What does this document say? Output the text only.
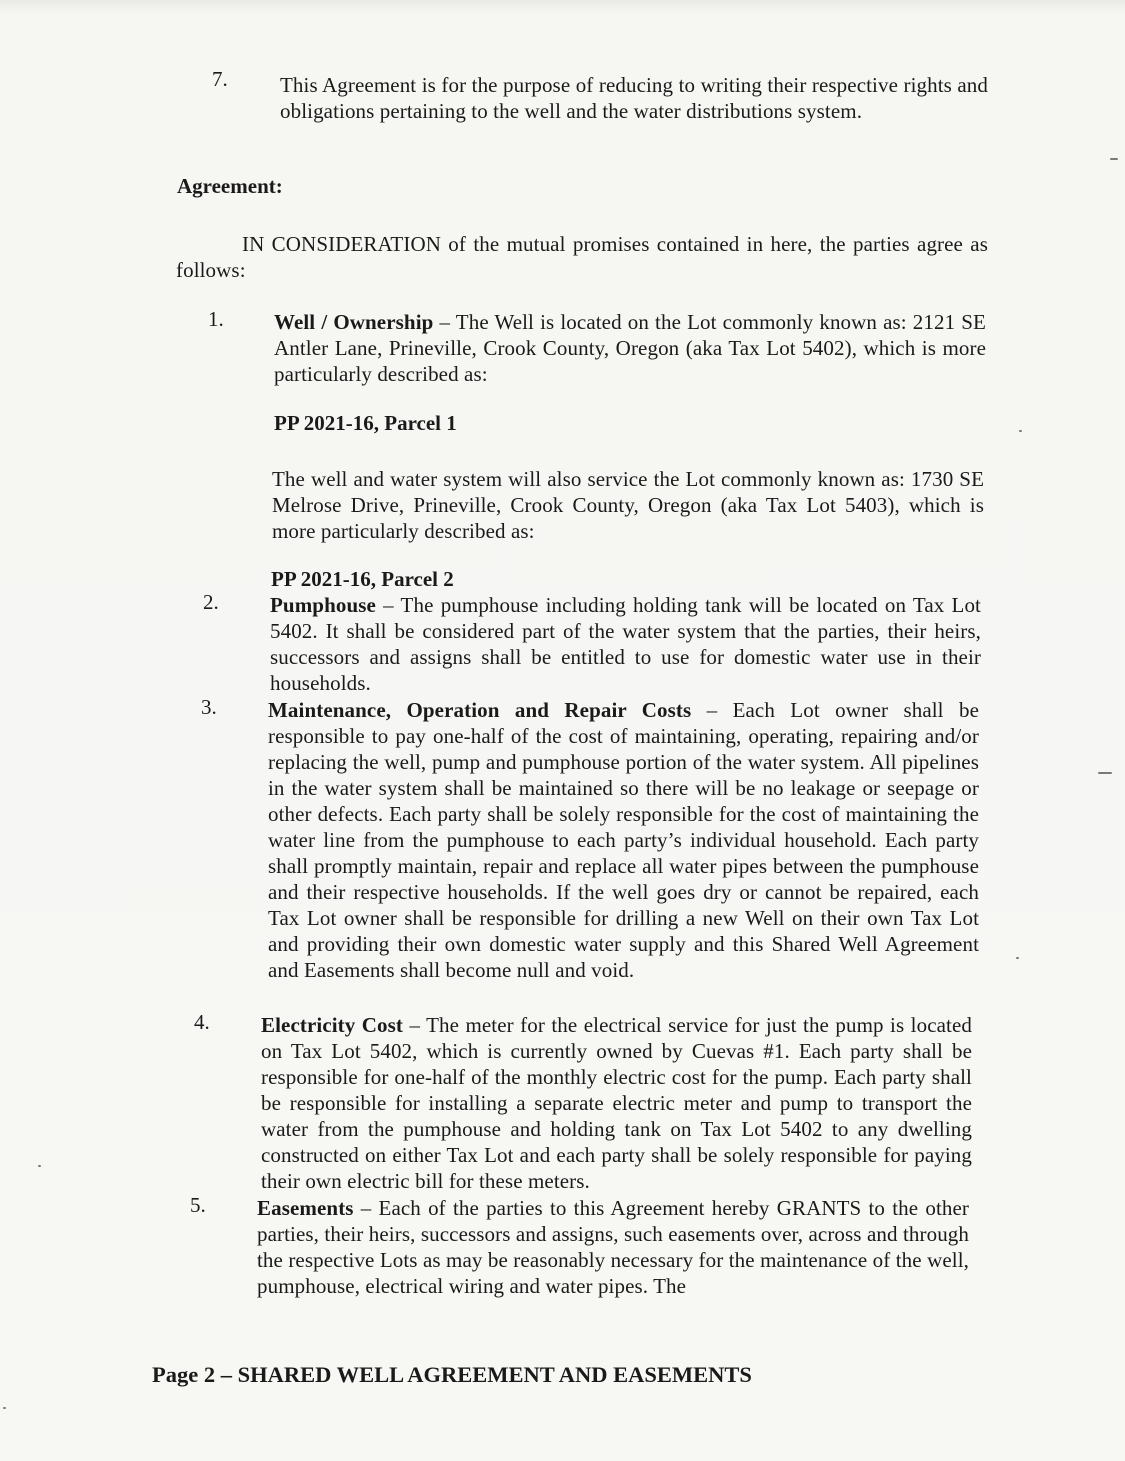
7. This Agreement is for the purpose of reducing to writing their respective rights and obligations pertaining to the well and the water distributions system.
Agreement:
IN CONSIDERATION of the mutual promises contained in here, the parties agree as follows:
1. Well / Ownership – The Well is located on the Lot commonly known as: 2121 SE Antler Lane, Prineville, Crook County, Oregon (aka Tax Lot 5402), which is more particularly described as:
PP 2021-16, Parcel 1
The well and water system will also service the Lot commonly known as: 1730 SE Melrose Drive, Prineville, Crook County, Oregon (aka Tax Lot 5403), which is more particularly described as:
PP 2021-16, Parcel 2
2. Pumphouse – The pumphouse including holding tank will be located on Tax Lot 5402. It shall be considered part of the water system that the parties, their heirs, successors and assigns shall be entitled to use for domestic water use in their households.
3. Maintenance, Operation and Repair Costs – Each Lot owner shall be responsible to pay one-half of the cost of maintaining, operating, repairing and/or replacing the well, pump and pumphouse portion of the water system. All pipelines in the water system shall be maintained so there will be no leakage or seepage or other defects. Each party shall be solely responsible for the cost of maintaining the water line from the pumphouse to each party’s individual household. Each party shall promptly maintain, repair and replace all water pipes between the pumphouse and their respective households. If the well goes dry or cannot be repaired, each Tax Lot owner shall be responsible for drilling a new Well on their own Tax Lot and providing their own domestic water supply and this Shared Well Agreement and Easements shall become null and void.
4. Electricity Cost – The meter for the electrical service for just the pump is located on Tax Lot 5402, which is currently owned by Cuevas #1. Each party shall be responsible for one-half of the monthly electric cost for the pump. Each party shall be responsible for installing a separate electric meter and pump to transport the water from the pumphouse and holding tank on Tax Lot 5402 to any dwelling constructed on either Tax Lot and each party shall be solely responsible for paying their own electric bill for these meters.
5. Easements – Each of the parties to this Agreement hereby GRANTS to the other parties, their heirs, successors and assigns, such easements over, across and through the respective Lots as may be reasonably necessary for the maintenance of the well, pumphouse, electrical wiring and water pipes. The
Page 2 – SHARED WELL AGREEMENT AND EASEMENTS
